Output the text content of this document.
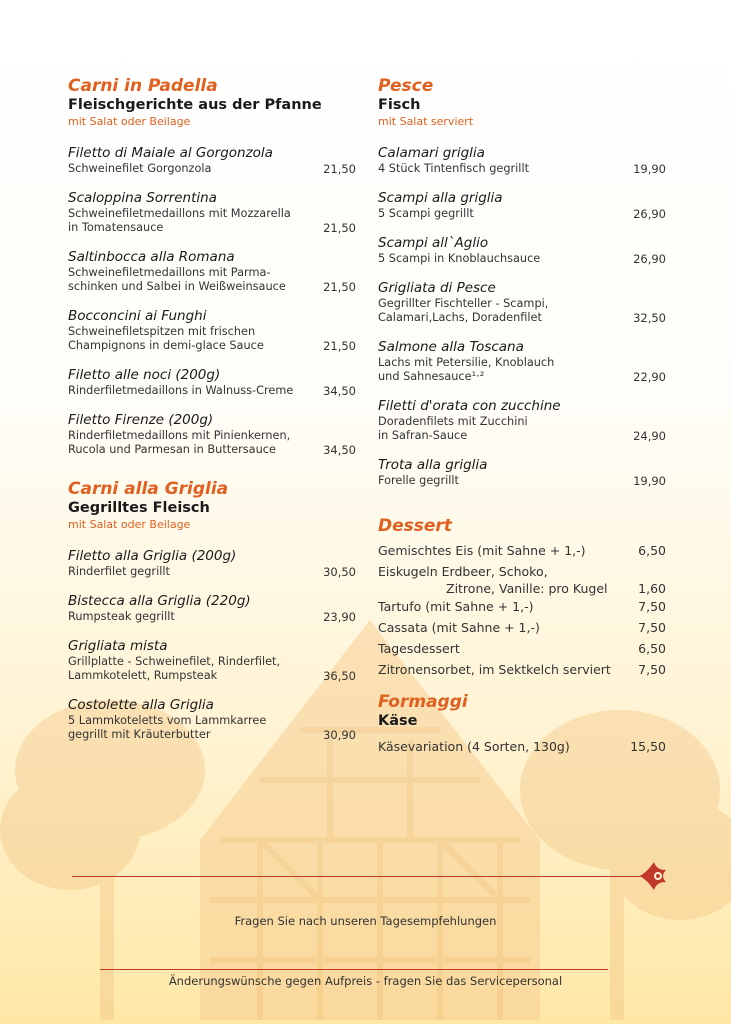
Carni in Padella
Fleischgerichte aus der Pfanne
mit Salat oder Beilage
Filetto di Maiale al Gorgonzola
Schweinefilet Gorgonzola	21,50
Scaloppina Sorrentina
Schweinefiletmedaillons mit Mozzarella
in Tomatensauce	21,50
Saltinbocca alla Romana
Schweinefiletmedaillons mit Parma-
schinken und Salbei in Weißweinsauce	21,50
Bocconcini ai Funghi
Schweinefiletspitzen mit frischen
Champignons in demi-glace Sauce	21,50
Filetto alle noci (200g)
Rinderfiletmedaillons in Walnuss-Creme	34,50
Filetto Firenze (200g)
Rinderfiletmedaillons mit Pinienkernen,
Rucola und Parmesan in Buttersauce	34,50
Carni alla Griglia
Gegrilltes Fleisch
mit Salat oder Beilage
Filetto alla Griglia (200g)
Rinderfilet gegrillt	30,50
Bistecca alla Griglia (220g)
Rumpsteak gegrillt	23,90
Grigliata mista
Grillplatte - Schweinefilet, Rinderfilet,
Lammkotelett, Rumpsteak	36,50
Costolette alla Griglia
5 Lammkoteletts vom Lammkarree
gegrillt mit Kräuterbutter	30,90
Pesce
Fisch
mit Salat serviert
Calamari griglia
4 Stück Tintenfisch gegrillt	19,90
Scampi alla griglia
5 Scampi gegrillt	26,90
Scampi all`Aglio
5 Scampi in Knoblauchsauce	26,90
Grigliata di Pesce
Gegrillter Fischteller - Scampi,
Calamari,Lachs, Doradenfilet	32,50
Salmone alla Toscana
Lachs mit Petersilie, Knoblauch
und Sahnesauce¹·²	22,90
Filetti d'orata con zucchine
Doradenfilets mit Zucchini
in Safran-Sauce	24,90
Trota alla griglia
Forelle gegrillt	19,90
Dessert
Gemischtes Eis (mit Sahne + 1,-)	6,50
Eiskugeln Erdbeer, Schoko,
Zitrone, Vanille: pro Kugel	1,60
Tartufo (mit Sahne + 1,-)	7,50
Cassata (mit Sahne + 1,-)	7,50
Tagesdessert	6,50
Zitronensorbet, im Sektkelch serviert	7,50
Formaggi
Käse
Käsevariation (4 Sorten, 130g)	15,50
Fragen Sie nach unseren Tagesempfehlungen
Änderungswünsche gegen Aufpreis - fragen Sie das Servicepersonal
